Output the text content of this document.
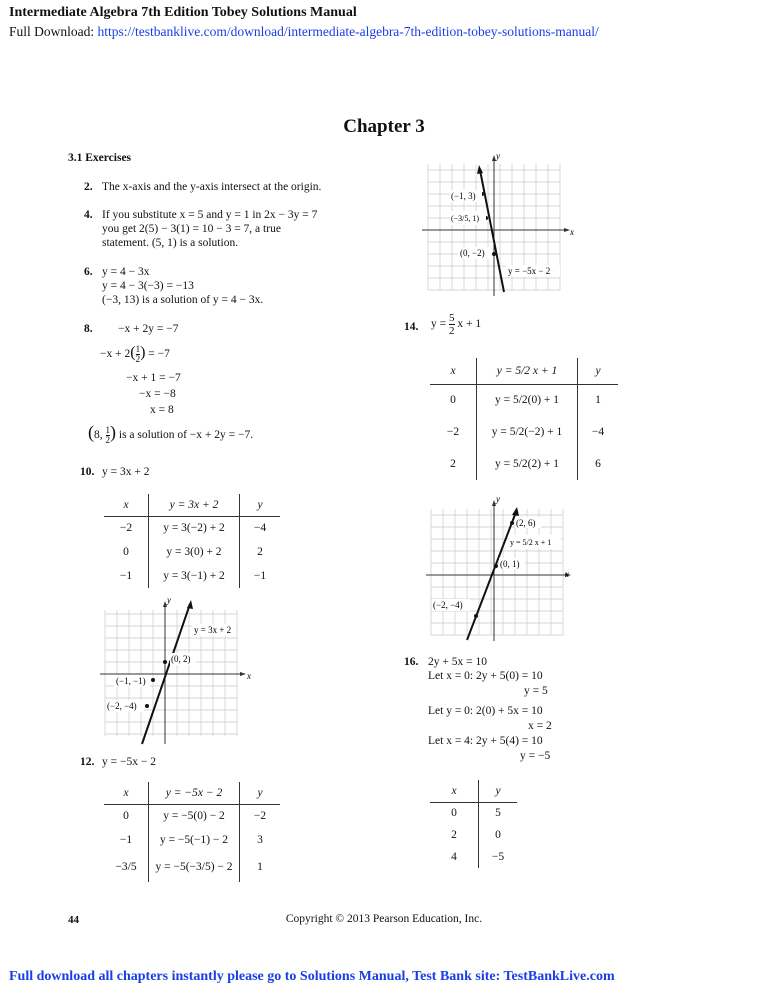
Intermediate Algebra 7th Edition Tobey Solutions Manual
Full Download: https://testbanklive.com/download/intermediate-algebra-7th-edition-tobey-solutions-manual/
Chapter 3
3.1 Exercises
2. The x-axis and the y-axis intersect at the origin.
4. If you substitute x = 5 and y = 1 in 2x − 3y = 7
you get 2(5) − 3(1) = 10 − 3 = 7, a true
statement. (5, 1) is a solution.
6. y = 4 − 3x
y = 4 − 3(−3) = −13
(−3, 13) is a solution of y = 4 − 3x.
8. −x + 2y = −7
$-x + 2( \frac{1}{2}$ ) = −7
−x + 1 = −7
−x = −8
x = 8
(8, $\frac{1}{2}$ ) is a solution of −x + 2y = −7.
10. y = 3x + 2
x	y = 3x + 2	y
−2	y = 3(−2) + 2	−4
0	y = 3(0) + 2	2
−1	y = 3(−1) + 2	−1
x
y
y = 3x + 2
(0, 2)
(−1, −1)
(−2, −4)
12. y = −5x − 2
x	y = −5x − 2	y
0	y = −5(0) − 2	−2
−1	y = −5(−1) − 2	3
−3/5	y = −5(−3/5) − 2	1
x
y
(−1, 3)
(−3/5, 1)
(0, −2)
y = −5x − 2
14. $y = \frac{5}{2}$ x + 1
x	y = 5/2 x + 1	y
0	y = 5/2(0) + 1	1
−2	y = 5/2(−2) + 1	−4
2	y = 5/2(2) + 1	6
x
y
(2, 6)
y = 5/2 x + 1
(0, 1)
(−2, −4)
16. 2y + 5x = 10
Let x = 0: 2y + 5(0) = 10
y = 5
Let y = 0: 2(0) + 5x = 10
x = 2
Let x = 4: 2y + 5(4) = 10
y = −5
x	y
0	5
2	0
4	−5
44	Copyright © 2013 Pearson Education, Inc.
Full download all chapters instantly please go to Solutions Manual, Test Bank site: TestBankLive.com
